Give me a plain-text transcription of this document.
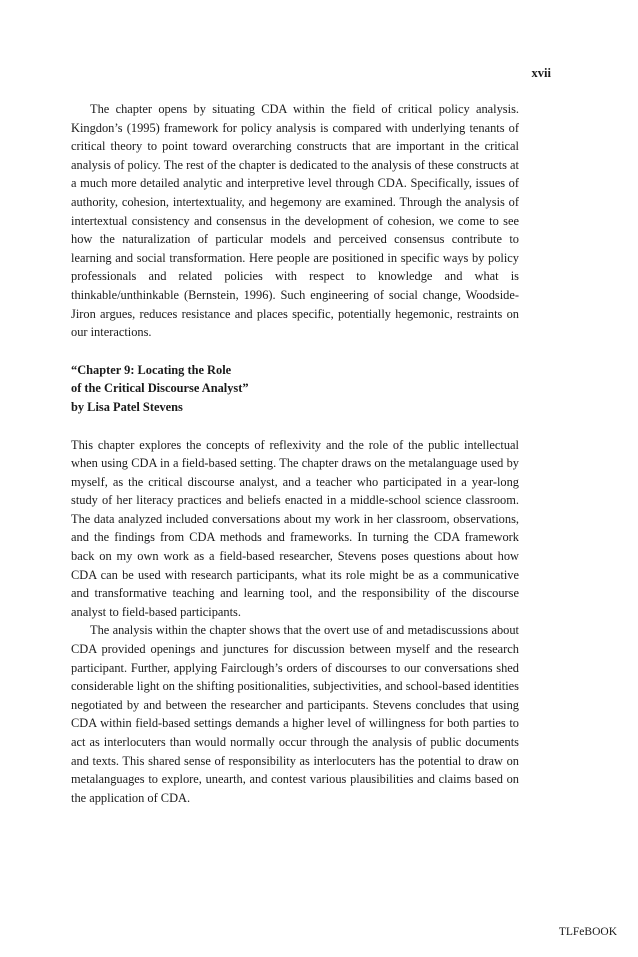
xvii

The chapter opens by situating CDA within the field of critical policy analysis. Kingdon’s (1995) framework for policy analysis is compared with underlying tenants of critical theory to point toward overarching constructs that are important in the critical analysis of policy. The rest of the chapter is dedicated to the analysis of these constructs at a much more detailed analytic and interpretive level through CDA. Specifically, issues of authority, cohesion, intertextuality, and hegemony are examined. Through the analysis of intertextual consistency and consensus in the development of cohesion, we come to see how the naturalization of particular models and perceived consensus contribute to learning and social transformation. Here people are positioned in specific ways by policy professionals and related policies with respect to knowledge and what is thinkable/unthinkable (Bernstein, 1996). Such engineering of social change, Woodside-Jiron argues, reduces resistance and places specific, potentially hegemonic, restraints on our interactions.

“Chapter 9: Locating the Role
of the Critical Discourse Analyst”
by Lisa Patel Stevens

This chapter explores the concepts of reflexivity and the role of the public intellectual when using CDA in a field-based setting. The chapter draws on the metalanguage used by myself, as the critical discourse analyst, and a teacher who participated in a year-long study of her literacy practices and beliefs enacted in a middle-school science classroom. The data analyzed included conversations about my work in her classroom, observations, and the findings from CDA methods and frameworks. In turning the CDA framework back on my own work as a field-based researcher, Stevens poses questions about how CDA can be used with research participants, what its role might be as a communicative and transformative teaching and learning tool, and the responsibility of the discourse analyst to field-based participants.

The analysis within the chapter shows that the overt use of and metadiscussions about CDA provided openings and junctures for discussion between myself and the research participant. Further, applying Fairclough’s orders of discourses to our conversations shed considerable light on the shifting positionalities, subjectivities, and school-based identities negotiated by and between the researcher and participants. Stevens concludes that using CDA within field-based settings demands a higher level of willingness for both parties to act as interlocuters than would normally occur through the analysis of public documents and texts. This shared sense of responsibility as interlocuters has the potential to draw on metalanguages to explore, unearth, and contest various plausibilities and claims based on the application of CDA.

TLFeBOOK
